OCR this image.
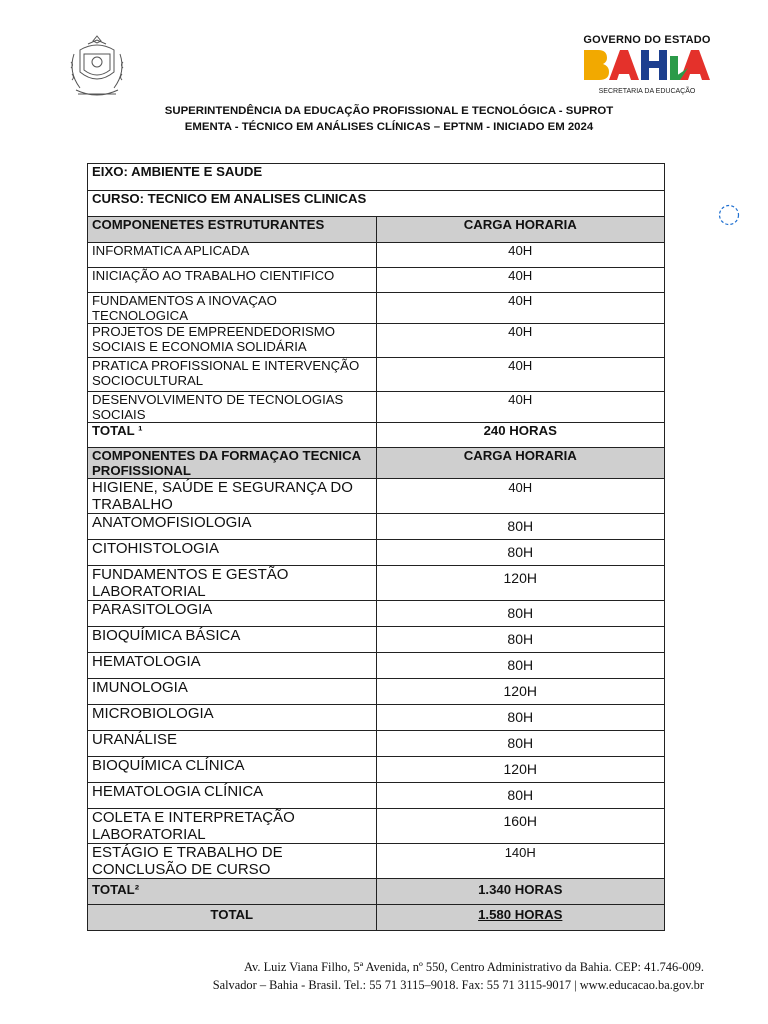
GOVERNO DO ESTADO
SECRETARIA DA EDUCAÇÃO
SUPERINTENDÊNCIA DA EDUCAÇÃO PROFISSIONAL E TECNOLÓGICA - SUPROT
EMENTA - TÉCNICO EM ANÁLISES CLÍNICAS – EPTNM - INICIADO EM 2024
EIXO: AMBIENTE E SAUDE	
CURSO: TECNICO EM ANALISES CLINICAS	
COMPONENETES ESTRUTURANTES	CARGA HORARIA
INFORMATICA APLICADA	40H
INICIAÇÃO AO TRABALHO CIENTIFICO	40H
FUNDAMENTOS A INOVAÇAO TECNOLOGICA	40H
PROJETOS DE EMPREENDEDORISMO SOCIAIS E ECONOMIA SOLIDÁRIA	40H
PRATICA PROFISSIONAL E INTERVENÇÃO SOCIOCULTURAL	40H
DESENVOLVIMENTO DE TECNOLOGIAS SOCIAIS	40H
TOTAL ¹	240 HORAS
COMPONENTES DA FORMAÇAO TECNICA PROFISSIONAL	CARGA HORARIA
HIGIENE, SAÚDE E SEGURANÇA DO TRABALHO	40H
ANATOMOFISIOLOGIA	80H
CITOHISTOLOGIA	80H
FUNDAMENTOS E GESTÃO LABORATORIAL	120H
PARASITOLOGIA	80H
BIOQUÍMICA BÁSICA	80H
HEMATOLOGIA	80H
IMUNOLOGIA	120H
MICROBIOLOGIA	80H
URANÁLISE	80H
BIOQUÍMICA CLÍNICA	120H
HEMATOLOGIA CLÍNICA	80H
COLETA E INTERPRETAÇÃO LABORATORIAL	160H
ESTÁGIO E TRABALHO DE CONCLUSÃO DE CURSO	140H
TOTAL²	1.340 HORAS
TOTAL	1.580 HORAS
Av. Luiz Viana Filho, 5ª Avenida, nº 550, Centro Administrativo da Bahia. CEP: 41.746-009.
Salvador – Bahia - Brasil. Tel.: 55 71 3115–9018. Fax: 55 71 3115-9017 | www.educacao.ba.gov.br
